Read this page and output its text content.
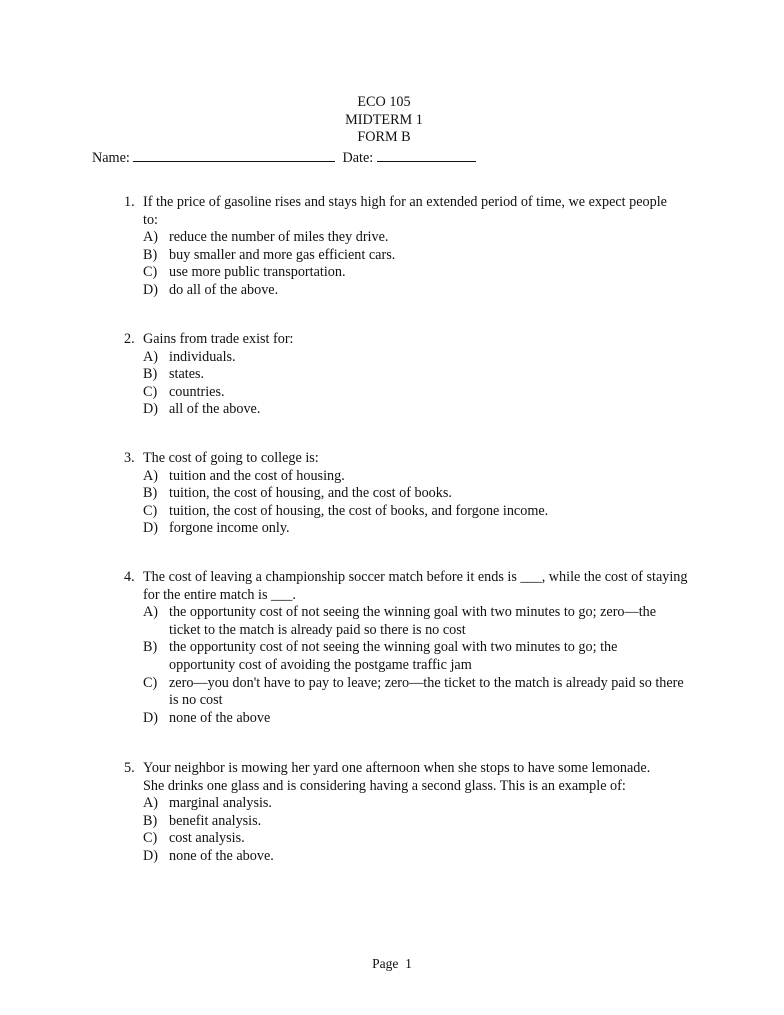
ECO 105
MIDTERM 1
FORM B
Name:	Date:
1. If the price of gasoline rises and stays high for an extended period of time, we expect people to:
A) reduce the number of miles they drive.
B) buy smaller and more gas efficient cars.
C) use more public transportation.
D) do all of the above.
2. Gains from trade exist for:
A) individuals.
B) states.
C) countries.
D) all of the above.
3. The cost of going to college is:
A) tuition and the cost of housing.
B) tuition, the cost of housing, and the cost of books.
C) tuition, the cost of housing, the cost of books, and forgone income.
D) forgone income only.
4. The cost of leaving a championship soccer match before it ends is ___, while the cost of staying for the entire match is ___.
A) the opportunity cost of not seeing the winning goal with two minutes to go; zero—the ticket to the match is already paid so there is no cost
B) the opportunity cost of not seeing the winning goal with two minutes to go; the opportunity cost of avoiding the postgame traffic jam
C) zero—you don't have to pay to leave; zero—the ticket to the match is already paid so there is no cost
D) none of the above
5. Your neighbor is mowing her yard one afternoon when she stops to have some lemonade. She drinks one glass and is considering having a second glass. This is an example of:
A) marginal analysis.
B) benefit analysis.
C) cost analysis.
D) none of the above.
Page  1
